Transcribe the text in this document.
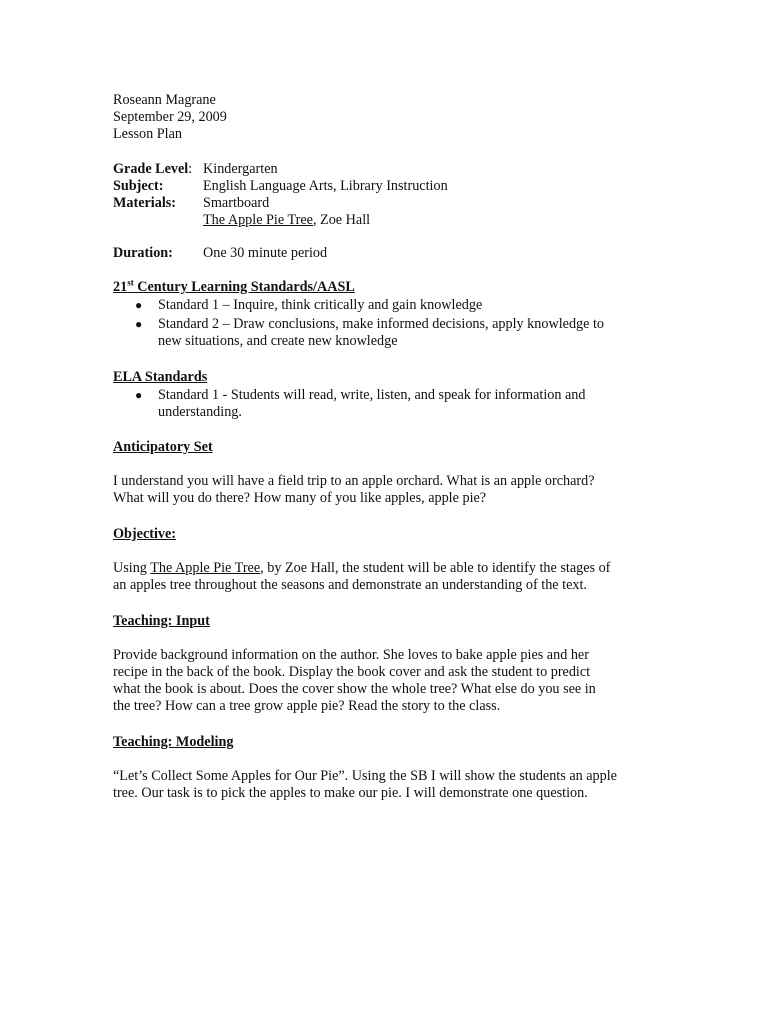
Roseann Magrane
September 29, 2009
Lesson Plan
Grade Level: Kindergarten
Subject:	English Language Arts, Library Instruction
Materials:	Smartboard
The Apple Pie Tree, Zoe Hall
Duration:	One 30 minute period
21st Century Learning Standards/AASL
● Standard 1 – Inquire, think critically and gain knowledge
● Standard 2 – Draw conclusions, make informed decisions, apply knowledge to
new situations, and create new knowledge
ELA Standards
● Standard 1 - Students will read, write, listen, and speak for information and
understanding.
Anticipatory Set
I understand you will have a field trip to an apple orchard. What is an apple orchard?
What will you do there? How many of you like apples, apple pie?
Objective:
Using The Apple Pie Tree, by Zoe Hall, the student will be able to identify the stages of
an apples tree throughout the seasons and demonstrate an understanding of the text.
Teaching: Input
Provide background information on the author. She loves to bake apple pies and her
recipe in the back of the book. Display the book cover and ask the student to predict
what the book is about. Does the cover show the whole tree? What else do you see in
the tree? How can a tree grow apple pie? Read the story to the class.
Teaching: Modeling
“Let’s Collect Some Apples for Our Pie”. Using the SB I will show the students an apple
tree. Our task is to pick the apples to make our pie. I will demonstrate one question.
